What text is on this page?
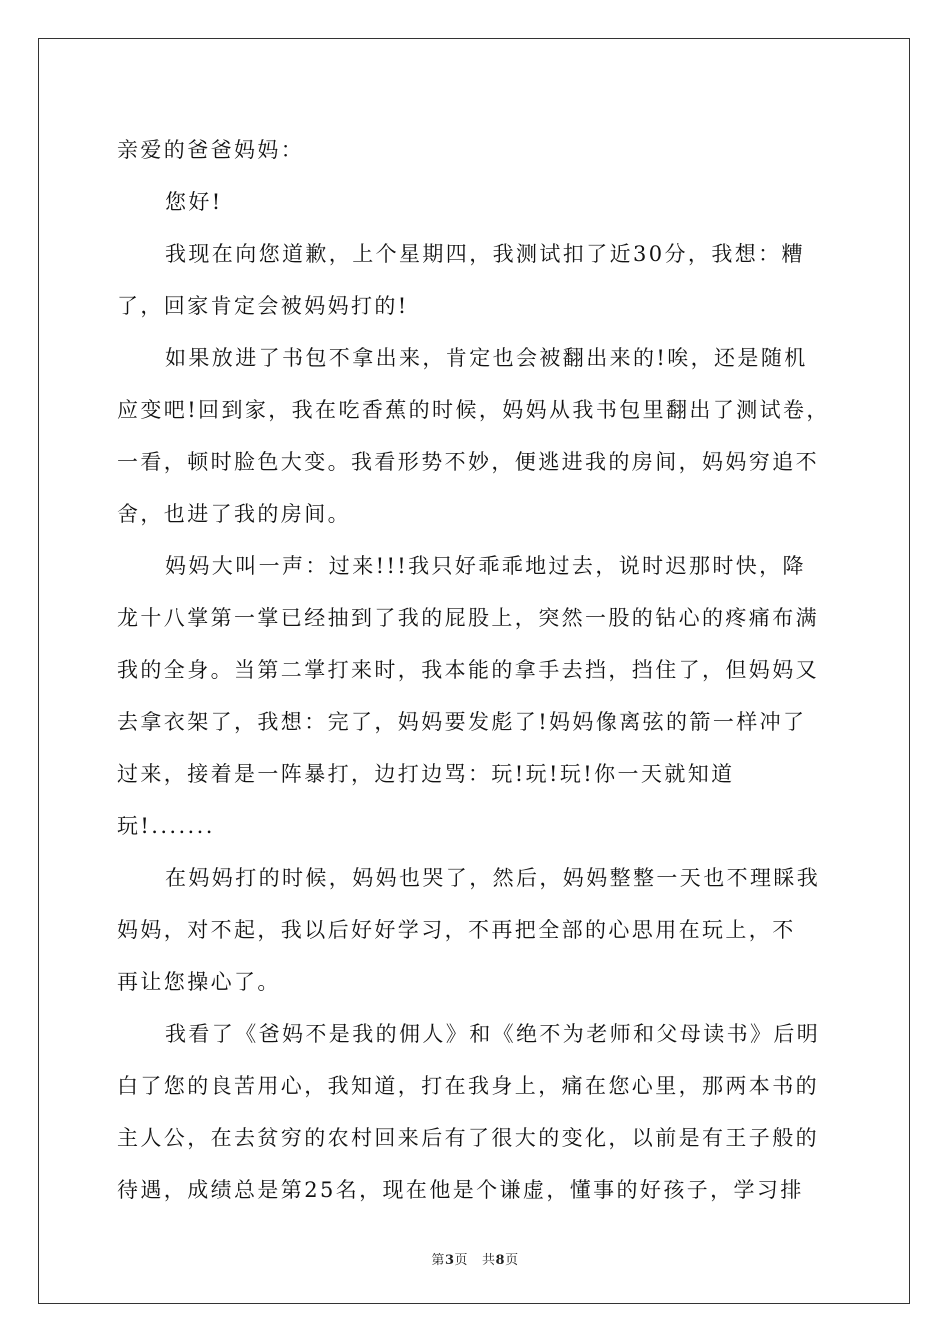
亲爱的爸爸妈妈：
您好!
我现在向您道歉，上个星期四，我测试扣了近30分，我想：糟
了，回家肯定会被妈妈打的!
如果放进了书包不拿出来，肯定也会被翻出来的!唉，还是随机
应变吧!回到家，我在吃香蕉的时候，妈妈从我书包里翻出了测试卷，
一看，顿时脸色大变。我看形势不妙，便逃进我的房间，妈妈穷追不
舍，也进了我的房间。
妈妈大叫一声：过来!!!我只好乖乖地过去，说时迟那时快，降
龙十八掌第一掌已经抽到了我的屁股上，突然一股的钻心的疼痛布满
我的全身。当第二掌打来时，我本能的拿手去挡，挡住了，但妈妈又
去拿衣架了，我想：完了，妈妈要发彪了!妈妈像离弦的箭一样冲了
过来，接着是一阵暴打，边打边骂：玩!玩!玩!你一天就知道
玩!.......
在妈妈打的时候，妈妈也哭了，然后，妈妈整整一天也不理睬我
妈妈，对不起，我以后好好学习，不再把全部的心思用在玩上，不
再让您操心了。
我看了《爸妈不是我的佣人》和《绝不为老师和父母读书》后明
白了您的良苦用心，我知道，打在我身上，痛在您心里，那两本书的
主人公，在去贫穷的农村回来后有了很大的变化，以前是有王子般的
待遇，成绩总是第25名，现在他是个谦虚，懂事的好孩子，学习排
第3页 共8页
